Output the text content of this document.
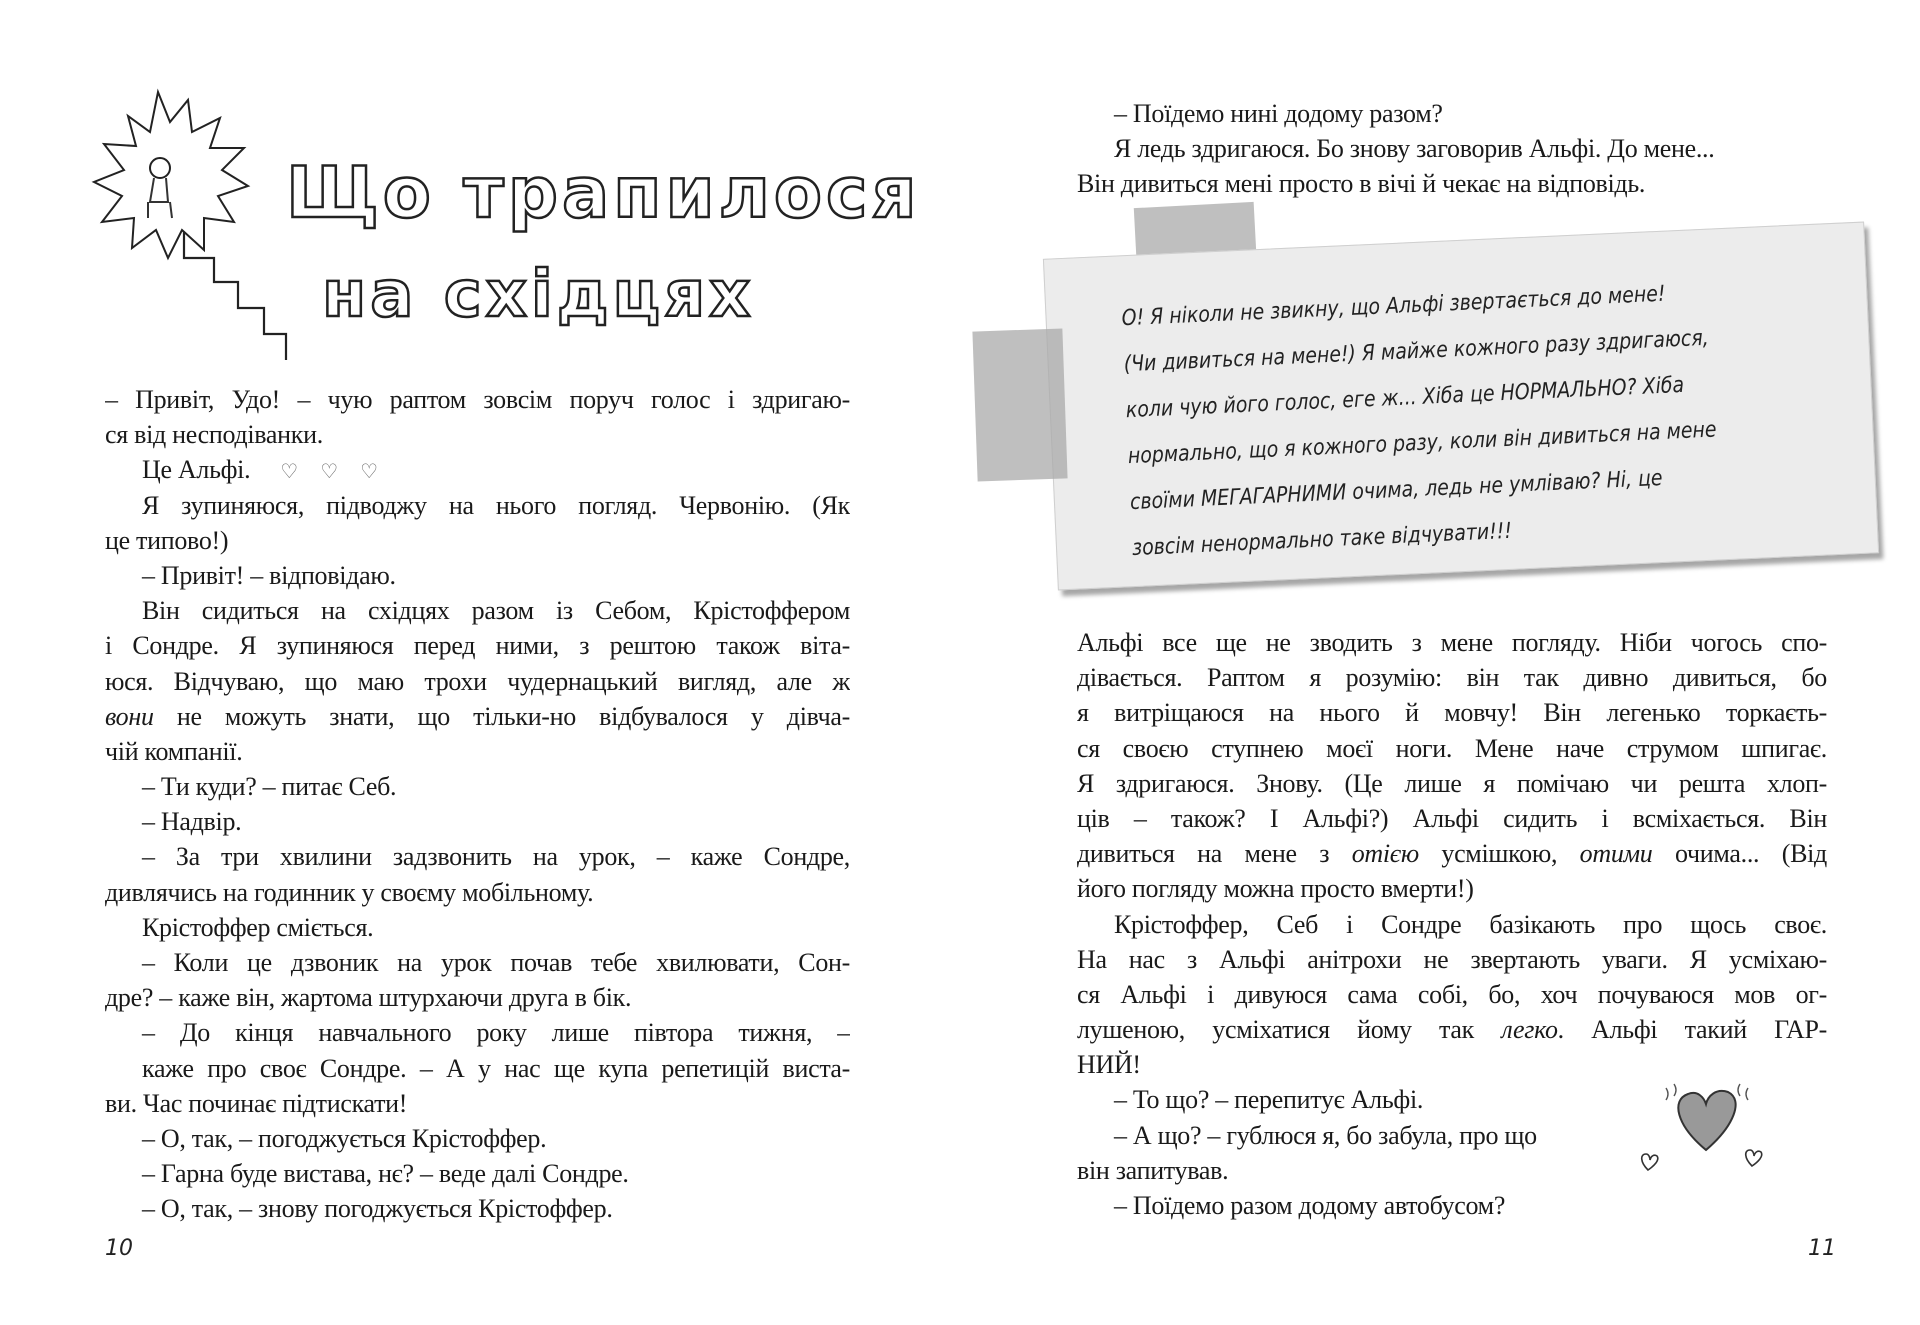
Що трапилося
на східцях
– Привіт, Удо! – чую раптом зовсім поруч голос і здригаю-
ся від несподіванки.
Це Альфі. ♡♡♡
Я зупиняюся, підводжу на нього погляд. Червонію. (Як
це типово!)
– Привіт! – відповідаю.
Він сидиться на східцях разом із Себом, Крістоффером
і Сондре. Я зупиняюся перед ними, з рештою також віта-
юся. Відчуваю, що маю трохи чудернацький вигляд, але ж
вони не можуть знати, що тільки-но відбувалося у дівча-
чій компанії.
– Ти куди? – питає Себ.
– Надвір.
– За три хвилини задзвонить на урок, – каже Сондре,
дивлячись на годинник у своєму мобільному.
Крістоффер сміється.
– Коли це дзвоник на урок почав тебе хвилювати, Сон-
дре? – каже він, жартома штурхаючи друга в бік.
– До кінця навчального року лише півтора тижня, –
каже про своє Сондре. – А у нас ще купа репетицій вистa-
ви. Час починає підтискати!
– О, так, – погоджується Крістоффер.
– Гарна буде вистава, нє? – веде далі Сондре.
– О, так, – знову погоджується Крістоффер.
10
– Поїдемо нині додому разом?
Я ледь здригаюся. Бо знову заговорив Альфі. До мене...
Він дивиться мені просто в вічі й чекає на відповідь.
Альфі все ще не зводить з мене погляду. Ніби чогось спо-
дівається. Раптом я розумію: він так дивно дивиться, бо
я витріщаюся на нього й мовчу! Він легенько торкаєть-
ся своєю ступнею моєї ноги. Мене наче струмом шпигає.
Я здригаюся. Знову. (Це лише я помічаю чи решта хлоп-
ців – також? І Альфі?) Альфі сидить і всміхається. Він
дивиться на мене з отією усмішкою, отими очима... (Від
його погляду можна просто вмерти!)
Крістоффер, Себ і Сондре базікають про щось своє.
На нас з Альфі анітрохи не звертають уваги. Я усміхаю-
ся Альфі і дивуюся сама собі, бо, хоч почуваюся мов ог-
лушеною, усміхатися йому так легко. Альфі такий ГАР-
НИЙ!
– То що? – перепитує Альфі.
– А що? – гублюся я, бо забула, про що
він запитував.
– Поїдемо разом додому автобусом?
11
О! Я ніколи не звикну, що Альфі звертається до мене!
(Чи дивиться на мене!) Я майже кожного разу здригаюся,
коли чую його голос, еге ж... Хіба це НОРМАЛЬНО? Хіба
нормально, що я кожного разу, коли він дивиться на мене
своїми МЕГАГАРНИМИ очима, ледь не умліваю? Ні, це
зовсім ненормально таке відчувати!!!
